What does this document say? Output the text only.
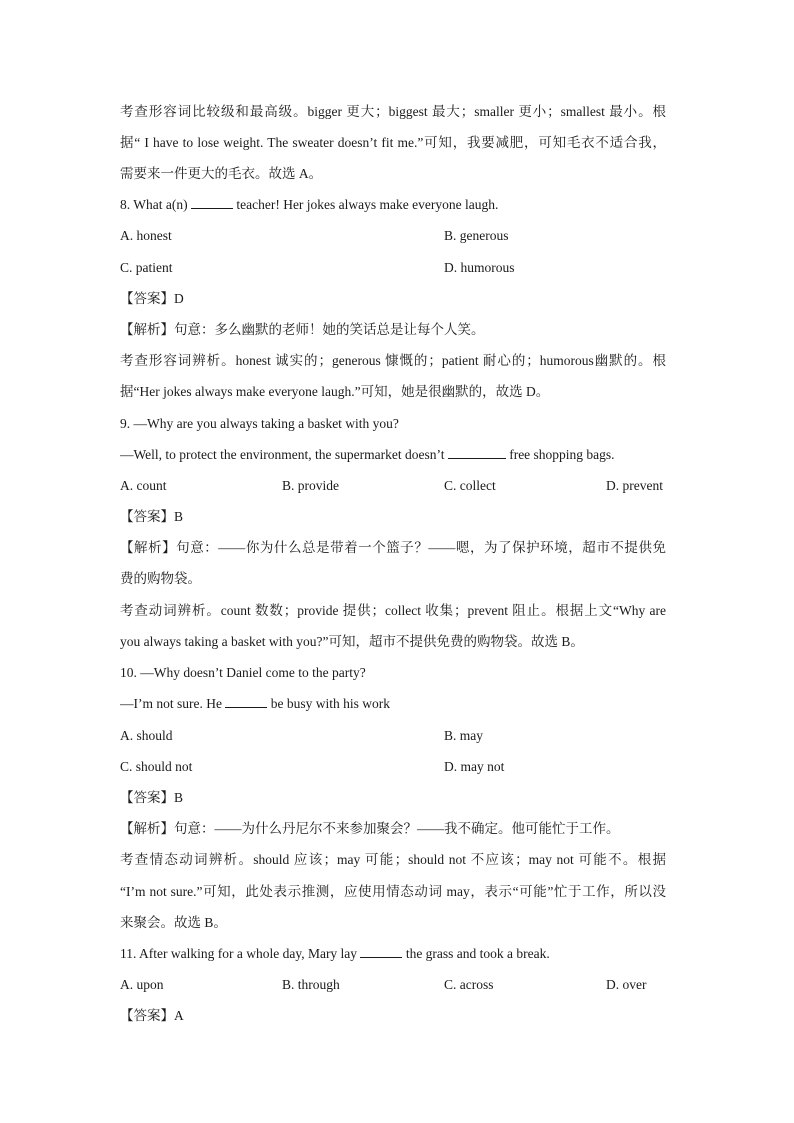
考查形容词比较级和最高级。bigger 更大；biggest 最大；smaller 更小；smallest 最小。根
据“ I have to lose weight. The sweater doesn’t fit me.”可知，我要减肥，可知毛衣不适合我，
需要来一件更大的毛衣。故选 A。
8. What a(n)	teacher! Her jokes always make everyone laugh.
A. honest	B. generous
C. patient	D. humorous
【答案】D
【解析】句意：多么幽默的老师！她的笑话总是让每个人笑。
考查形容词辨析。honest 诚实的；generous 慷慨的；patient 耐心的；humorous幽默的。根
据“Her jokes always make everyone laugh.”可知，她是很幽默的，故选 D。
9. —Why are you always taking a basket with you?
—Well, to protect the environment, the supermarket doesn’t	free shopping bags.
A. count	B. provide	C. collect	D. prevent
【答案】B
【解析】句意：——你为什么总是带着一个篮子？——嗯，为了保护环境，超市不提供免
费的购物袋。
考查动词辨析。count 数数；provide 提供；collect 收集；prevent 阻止。根据上文“Why are
you always taking a basket with you?”可知，超市不提供免费的购物袋。故选 B。
10. —Why doesn’t Daniel come to the party?
—I’m not sure. He	be busy with his work
A. should	B. may
C. should not	D. may not
【答案】B
【解析】句意：——为什么丹尼尔不来参加聚会？——我不确定。他可能忙于工作。
考查情态动词辨析。should 应该；may 可能；should not 不应该；may not 可能不。根据
“I’m not sure.”可知，此处表示推测，应使用情态动词 may，表示“可能”忙于工作，所以没
来聚会。故选 B。
11. After walking for a whole day, Mary lay	the grass and took a break.
A. upon	B. through	C. across	D. over
【答案】A
